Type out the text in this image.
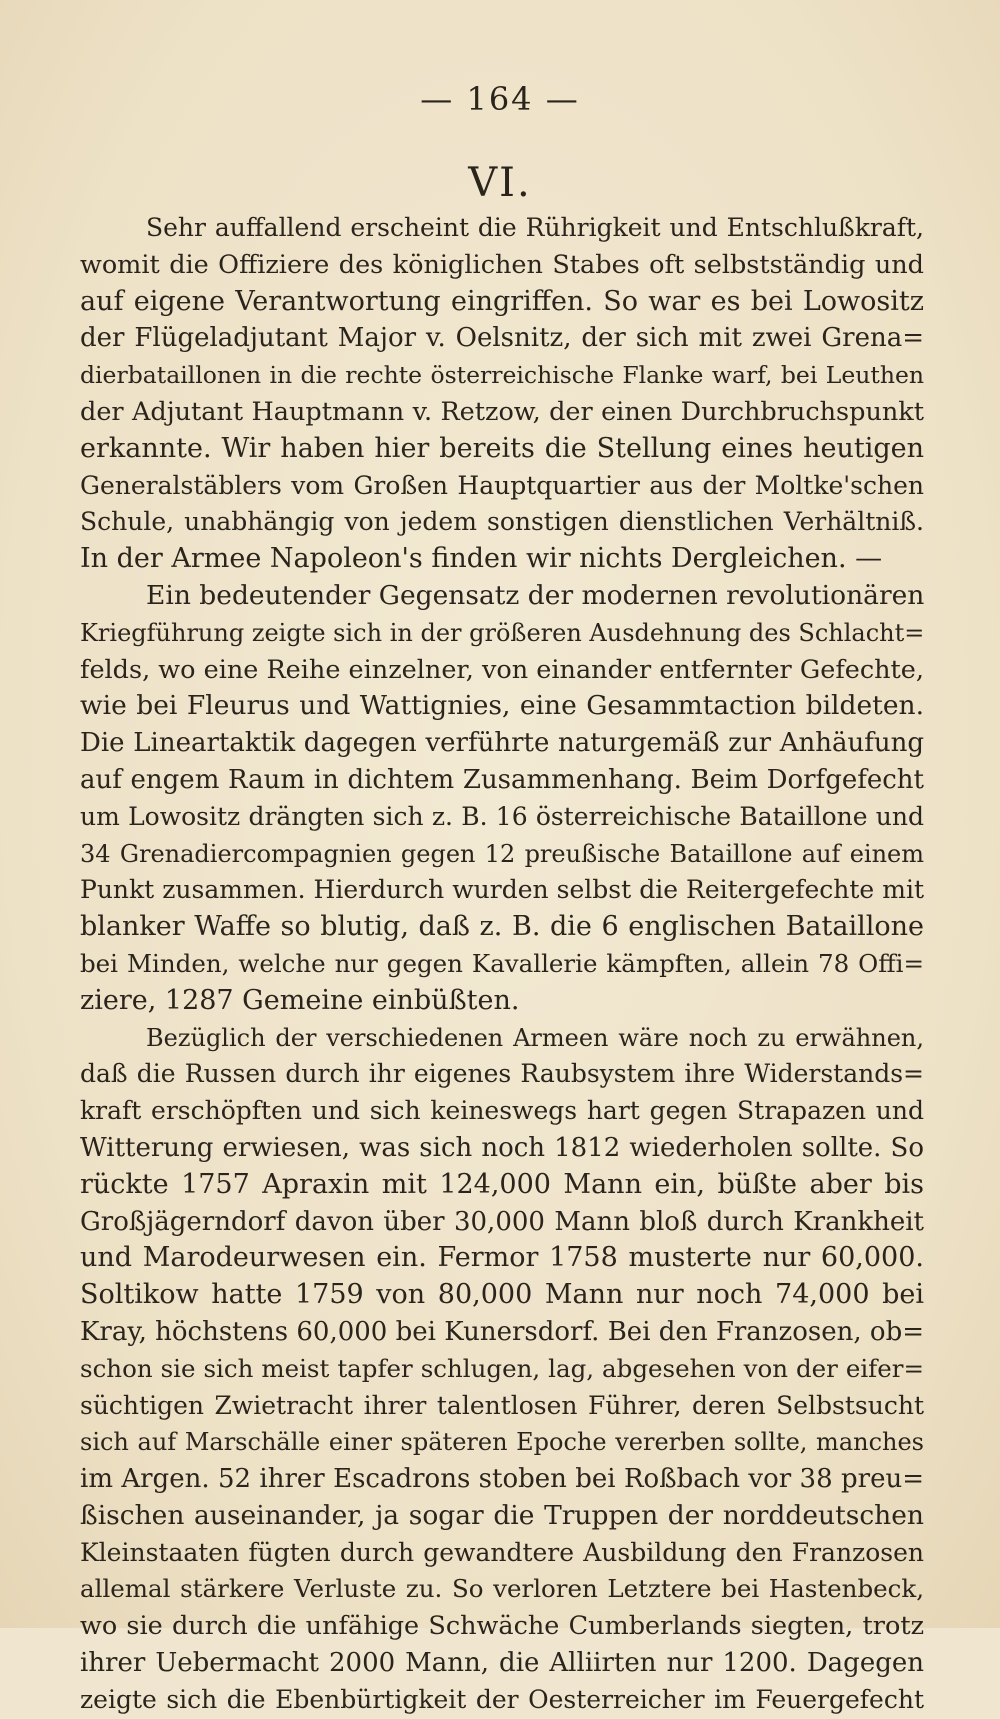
— 164 —
VI.
Sehr auffallend erscheint die Rührigkeit und Entschlußkraft,
womit die Offiziere des königlichen Stabes oft selbstständig und
auf eigene Verantwortung eingriffen. So war es bei Lowositz
der Flügeladjutant Major v. Oelsnitz, der sich mit zwei Grena=
dierbataillonen in die rechte österreichische Flanke warf, bei Leuthen
der Adjutant Hauptmann v. Retzow, der einen Durchbruchspunkt
erkannte. Wir haben hier bereits die Stellung eines heutigen
Generalstäblers vom Großen Hauptquartier aus der Moltke'schen
Schule, unabhängig von jedem sonstigen dienstlichen Verhältniß.
In der Armee Napoleon's finden wir nichts Dergleichen. —
Ein bedeutender Gegensatz der modernen revolutionären
Kriegführung zeigte sich in der größeren Ausdehnung des Schlacht=
felds, wo eine Reihe einzelner, von einander entfernter Gefechte,
wie bei Fleurus und Wattignies, eine Gesammtaction bildeten.
Die Lineartaktik dagegen verführte naturgemäß zur Anhäufung
auf engem Raum in dichtem Zusammenhang. Beim Dorfgefecht
um Lowositz drängten sich z. B. 16 österreichische Bataillone und
34 Grenadiercompagnien gegen 12 preußische Bataillone auf einem
Punkt zusammen. Hierdurch wurden selbst die Reitergefechte mit
blanker Waffe so blutig, daß z. B. die 6 englischen Bataillone
bei Minden, welche nur gegen Kavallerie kämpften, allein 78 Offi=
ziere, 1287 Gemeine einbüßten.
Bezüglich der verschiedenen Armeen wäre noch zu erwähnen,
daß die Russen durch ihr eigenes Raubsystem ihre Widerstands=
kraft erschöpften und sich keineswegs hart gegen Strapazen und
Witterung erwiesen, was sich noch 1812 wiederholen sollte. So
rückte 1757 Apraxin mit 124,000 Mann ein, büßte aber bis
Großjägerndorf davon über 30,000 Mann bloß durch Krankheit
und Marodeurwesen ein. Fermor 1758 musterte nur 60,000.
Soltikow hatte 1759 von 80,000 Mann nur noch 74,000 bei
Kray, höchstens 60,000 bei Kunersdorf. Bei den Franzosen, ob=
schon sie sich meist tapfer schlugen, lag, abgesehen von der eifer=
süchtigen Zwietracht ihrer talentlosen Führer, deren Selbstsucht
sich auf Marschälle einer späteren Epoche vererben sollte, manches
im Argen. 52 ihrer Escadrons stoben bei Roßbach vor 38 preu=
ßischen auseinander, ja sogar die Truppen der norddeutschen
Kleinstaaten fügten durch gewandtere Ausbildung den Franzosen
allemal stärkere Verluste zu. So verloren Letztere bei Hastenbeck,
wo sie durch die unfähige Schwäche Cumberlands siegten, trotz
ihrer Uebermacht 2000 Mann, die Alliirten nur 1200. Dagegen
zeigte sich die Ebenbürtigkeit der Oesterreicher im Feuergefecht
